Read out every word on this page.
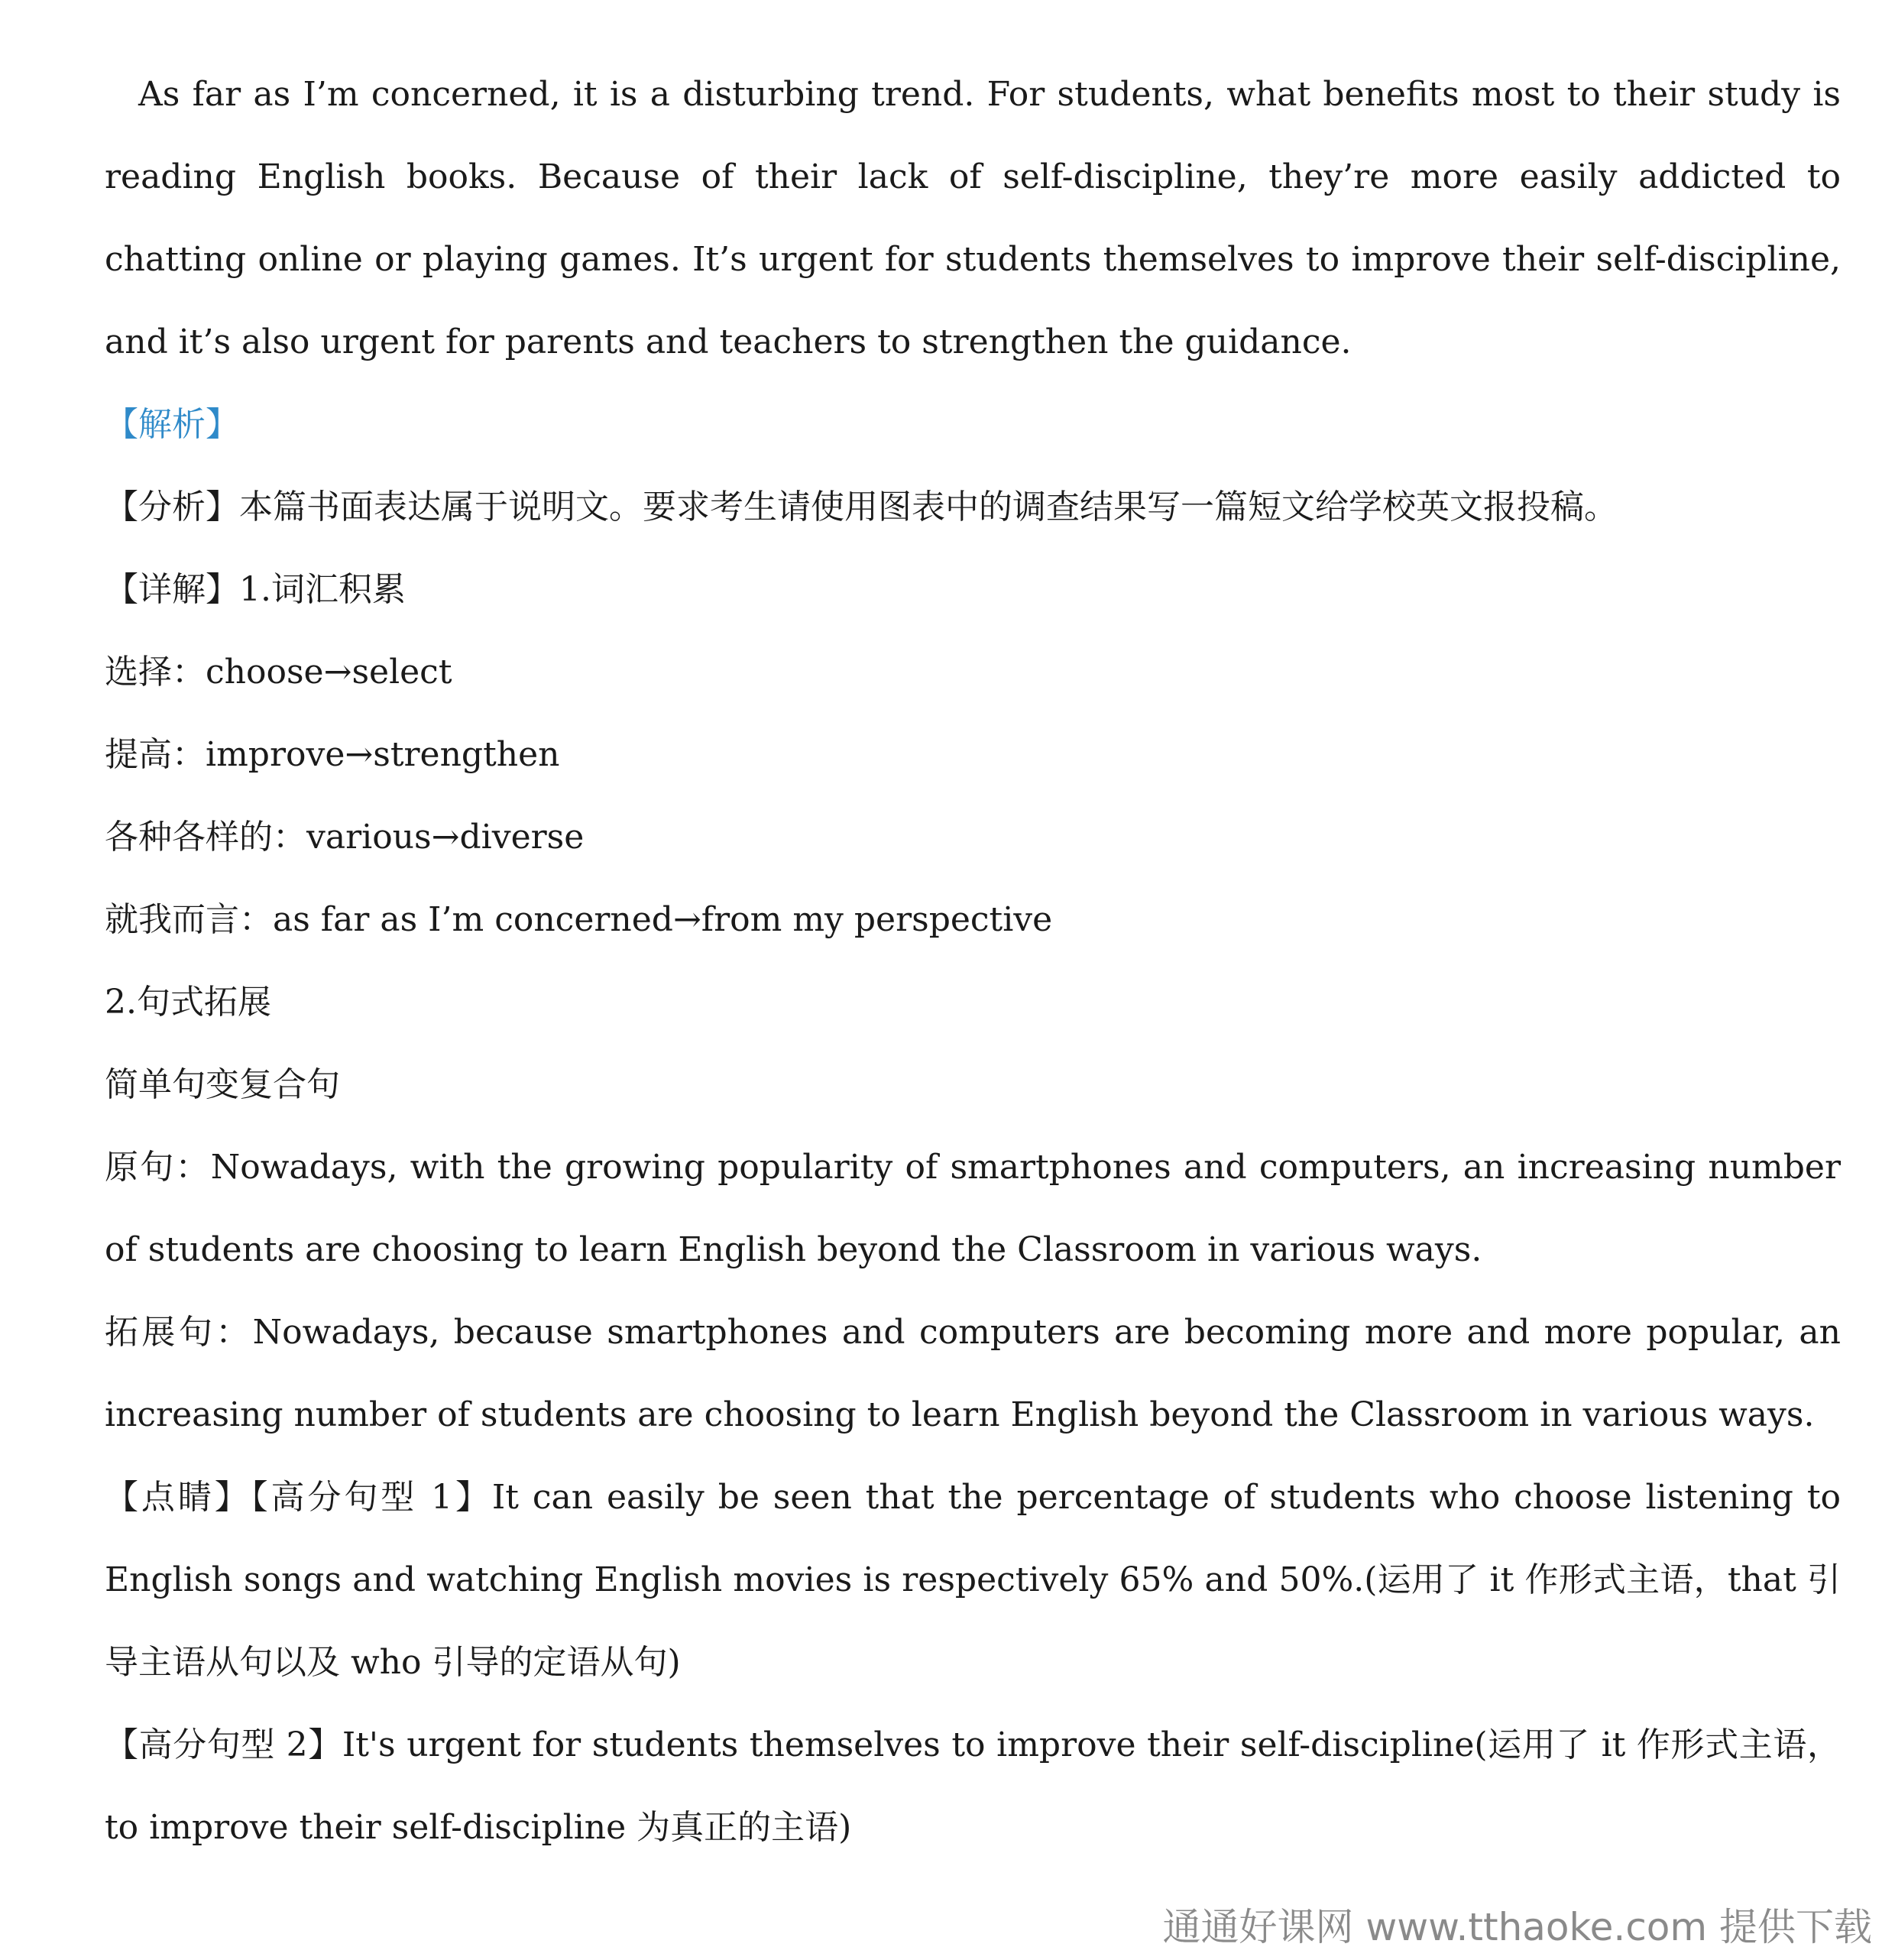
As far as I’m concerned, it is a disturbing trend. For students, what benefits most to their study is reading English books. Because of their lack of self-discipline, they’re more easily addicted to chatting online or playing games. It’s urgent for students themselves to improve their self-discipline, and it’s also urgent for parents and teachers to strengthen the guidance.

【解析】

【分析】本篇书面表达属于说明文。要求考生请使用图表中的调查结果写一篇短文给学校英文报投稿。

【详解】1.词汇积累

选择：choose→select

提高：improve→strengthen

各种各样的：various→diverse

就我而言：as far as I’m concerned→from my perspective

2.句式拓展

简单句变复合句

原句：Nowadays, with the growing popularity of smartphones and computers, an increasing number of students are choosing to learn English beyond the Classroom in various ways.

拓展句：Nowadays, because smartphones and computers are becoming more and more popular, an increasing number of students are choosing to learn English beyond the Classroom in various ways.

【点睛】【高分句型 1】It can easily be seen that the percentage of students who choose listening to English songs and watching English movies is respectively 65% and 50%.(运用了 it 作形式主语，that 引导主语从句以及 who 引导的定语从句)

【高分句型 2】It's urgent for students themselves to improve their self-discipline(运用了 it 作形式主语，to improve their self-discipline 为真正的主语)

通通好课网 www.tthaoke.com 提供下载
